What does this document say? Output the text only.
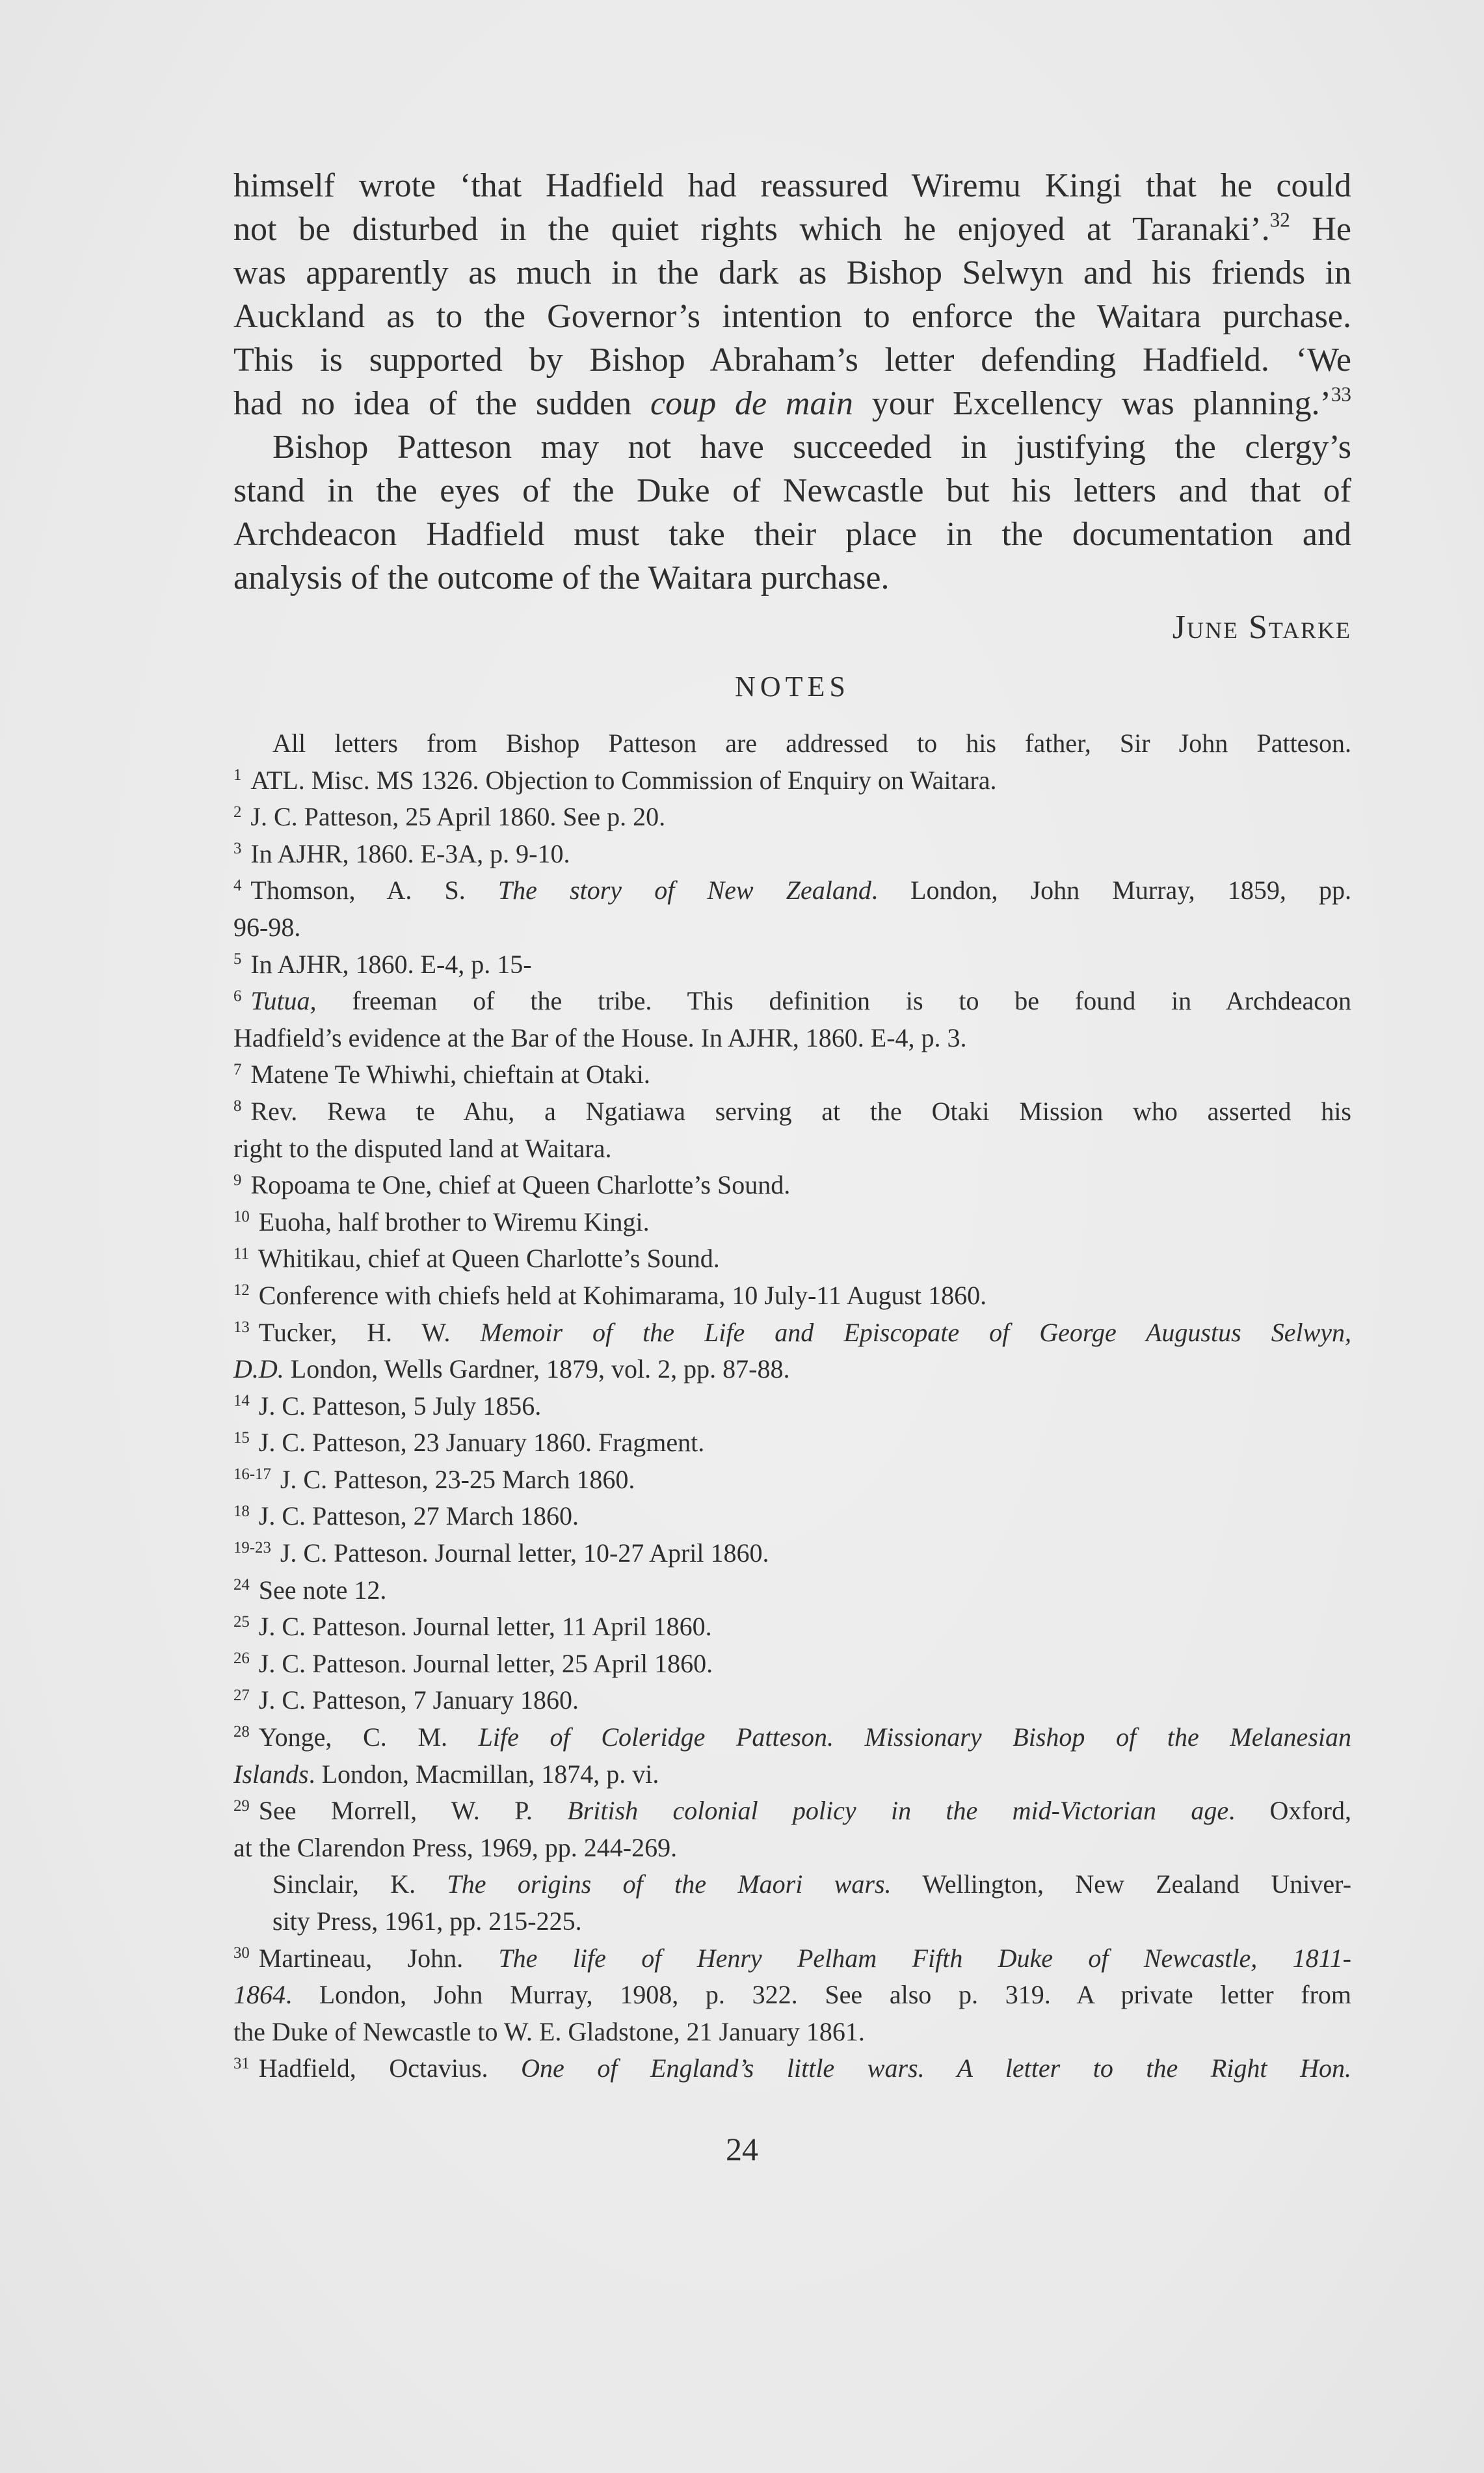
himself wrote ‘that Hadfield had reassured Wiremu Kingi that he could
not be disturbed in the quiet rights which he enjoyed at Taranaki’.$^{32}$ He
was apparently as much in the dark as Bishop Selwyn and his friends in
Auckland as to the Governor’s intention to enforce the Waitara purchase.
This is supported by Bishop Abraham’s letter defending Hadfield. ‘We
had no idea of the sudden coup de main your Excellency was planning.’$^{33}$
Bishop Patteson may not have succeeded in justifying the clergy’s
stand in the eyes of the Duke of Newcastle but his letters and that of
Archdeacon Hadfield must take their place in the documentation and
analysis of the outcome of the Waitara purchase.
June Starke
NOTES
All letters from Bishop Patteson are addressed to his father, Sir John Patteson.
$^1$ ATL. Misc. MS 1326. Objection to Commission of Enquiry on Waitara.
$^2$ J. C. Patteson, 25 April 1860. See p. 20.
$^3$ In AJHR, 1860. E-3A, p. 9-10.
$^4$ Thomson, A. S. The story of New Zealand. London, John Murray, 1859, pp.
96-98.
$^5$ In AJHR, 1860. E-4, p. 15-
$^6$ Tutua, freeman of the tribe. This definition is to be found in Archdeacon
Hadfield’s evidence at the Bar of the House. In AJHR, 1860. E-4, p. 3.
$^7$ Matene Te Whiwhi, chieftain at Otaki.
$^8$ Rev. Rewa te Ahu, a Ngatiawa serving at the Otaki Mission who asserted his
right to the disputed land at Waitara.
$^9$ Ropoama te One, chief at Queen Charlotte’s Sound.
$^{10}$ Euoha, half brother to Wiremu Kingi.
$^{11}$ Whitikau, chief at Queen Charlotte’s Sound.
$^{12}$ Conference with chiefs held at Kohimarama, 10 July-11 August 1860.
$^{13}$ Tucker, H. W. Memoir of the Life and Episcopate of George Augustus Selwyn,
D.D. London, Wells Gardner, 1879, vol. 2, pp. 87-88.
$^{14}$ J. C. Patteson, 5 July 1856.
$^{15}$ J. C. Patteson, 23 January 1860. Fragment.
$^{16-17}$ J. C. Patteson, 23-25 March 1860.
$^{18}$ J. C. Patteson, 27 March 1860.
$^{19-23}$ J. C. Patteson. Journal letter, 10-27 April 1860.
$^{24}$ See note 12.
$^{25}$ J. C. Patteson. Journal letter, 11 April 1860.
$^{26}$ J. C. Patteson. Journal letter, 25 April 1860.
$^{27}$ J. C. Patteson, 7 January 1860.
$^{28}$ Yonge, C. M. Life of Coleridge Patteson. Missionary Bishop of the Melanesian
Islands. London, Macmillan, 1874, p. vi.
$^{29}$ See Morrell, W. P. British colonial policy in the mid-Victorian age. Oxford,
at the Clarendon Press, 1969, pp. 244-269.
Sinclair, K. The origins of the Maori wars. Wellington, New Zealand Univer-
sity Press, 1961, pp. 215-225.
$^{30}$ Martineau, John. The life of Henry Pelham Fifth Duke of Newcastle, 1811-
1864. London, John Murray, 1908, p. 322. See also p. 319. A private letter from
the Duke of Newcastle to W. E. Gladstone, 21 January 1861.
$^{31}$ Hadfield, Octavius. One of England’s little wars. A letter to the Right Hon.
24
